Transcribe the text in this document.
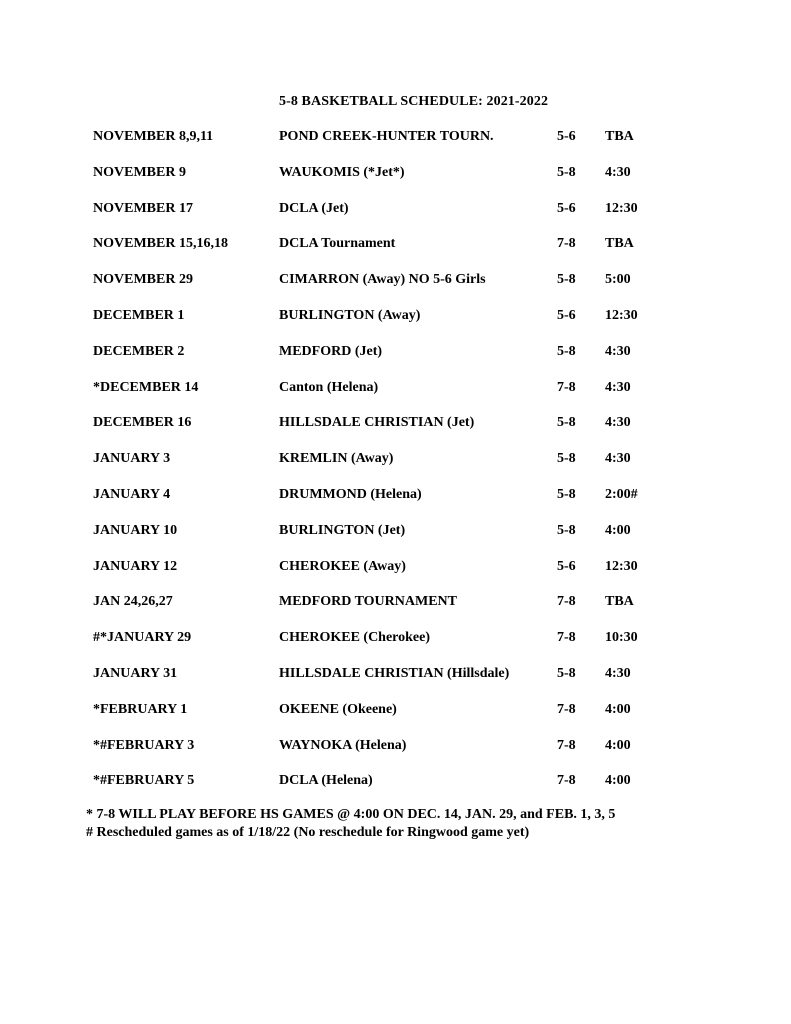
5-8 BASKETBALL SCHEDULE: 2021-2022
NOVEMBER 8,9,11	POND CREEK-HUNTER TOURN.	5-6 TBA
NOVEMBER 9	WAUKOMIS (*Jet*)	5-8 4:30
NOVEMBER 17	DCLA (Jet)	5-6 12:30
NOVEMBER 15,16,18	DCLA Tournament	7-8 TBA
NOVEMBER 29	CIMARRON (Away) NO 5-6 Girls	5-8 5:00
DECEMBER 1	BURLINGTON (Away)	5-6 12:30
DECEMBER 2	MEDFORD (Jet)	5-8 4:30
*DECEMBER 14	Canton (Helena)	7-8 4:30
DECEMBER 16	HILLSDALE CHRISTIAN (Jet)	5-8 4:30
JANUARY 3	KREMLIN (Away)	5-8 4:30
JANUARY 4	DRUMMOND (Helena)	5-8 2:00#
JANUARY 10	BURLINGTON (Jet)	5-8 4:00
JANUARY 12	CHEROKEE (Away)	5-6 12:30
JAN 24,26,27	MEDFORD TOURNAMENT	7-8 TBA
#*JANUARY 29	CHEROKEE (Cherokee)	7-8 10:30
JANUARY 31	HILLSDALE CHRISTIAN (Hillsdale)	5-8 4:30
*FEBRUARY 1	OKEENE (Okeene)	7-8 4:00
*#FEBRUARY 3	WAYNOKA (Helena)	7-8 4:00
*#FEBRUARY 5	DCLA (Helena)	7-8 4:00
* 7-8 WILL PLAY BEFORE HS GAMES @ 4:00 ON DEC. 14, JAN. 29, and FEB. 1, 3, 5
# Rescheduled games as of 1/18/22 (No reschedule for Ringwood game yet)
